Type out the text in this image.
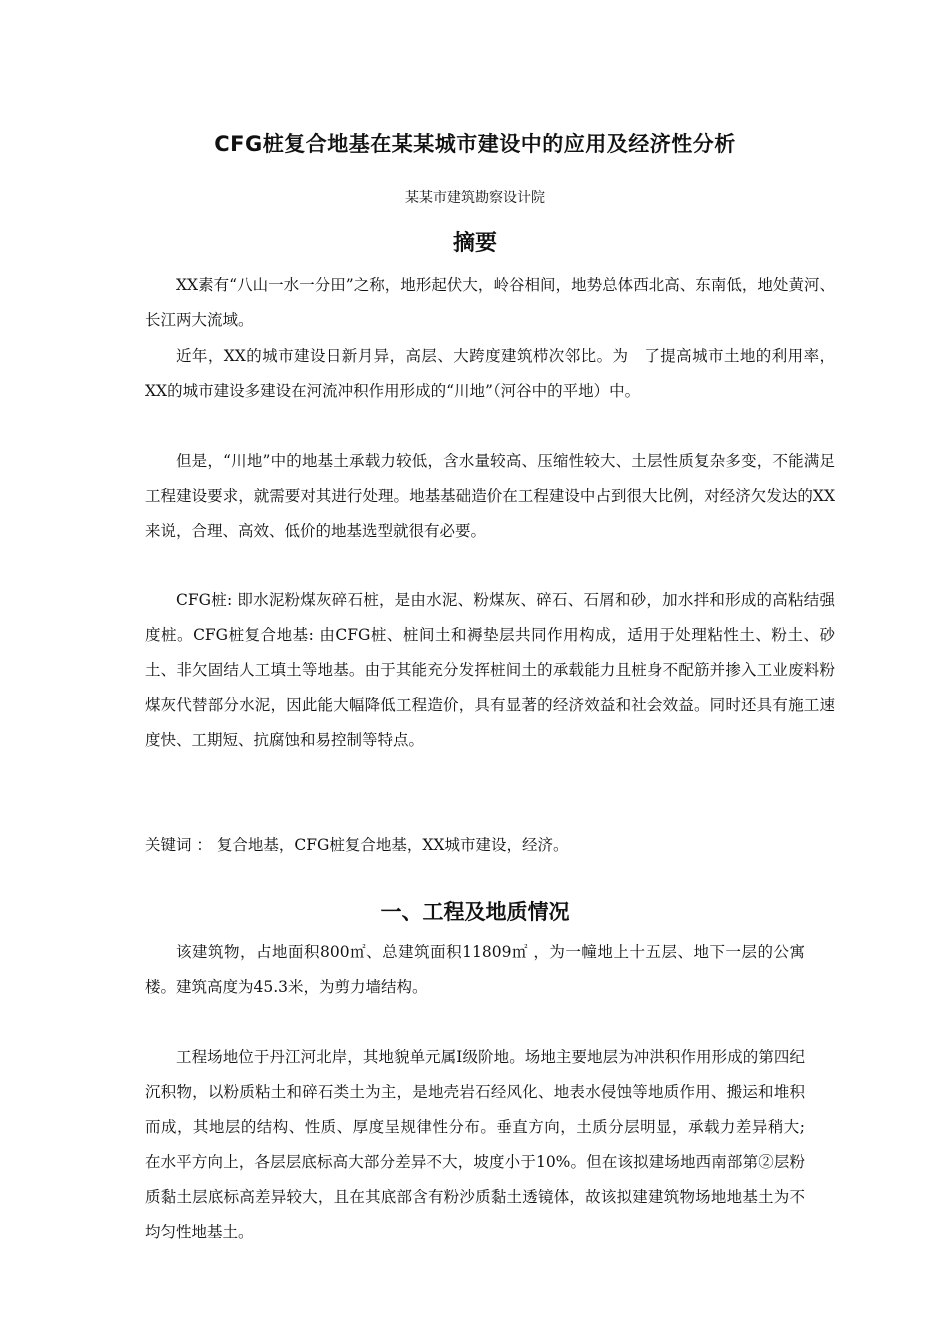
CFG桩复合地基在某某城市建设中的应用及经济性分析

某某市建筑勘察设计院

摘要

XX素有“八山一水一分田”之称，地形起伏大，岭谷相间，地势总体西北高、东南低，地处黄河、长江两大流域。

近年，XX的城市建设日新月异，高层、大跨度建筑栉次邻比。为　了提高城市土地的利用率，XX的城市建设多建设在河流冲积作用形成的“川地”（河谷中的平地）中。

但是，“川地”中的地基土承载力较低，含水量较高、压缩性较大、土层性质复杂多变，不能满足工程建设要求，就需要对其进行处理。地基基础造价在工程建设中占到很大比例，对经济欠发达的XX来说，合理、高效、低价的地基选型就很有必要。

CFG桩: 即水泥粉煤灰碎石桩，是由水泥、粉煤灰、碎石、石屑和砂，加水拌和形成的高粘结强度桩。CFG桩复合地基: 由CFG桩、桩间土和褥垫层共同作用构成，适用于处理粘性土、粉土、砂土、非欠固结人工填土等地基。由于其能充分发挥桩间土的承载能力且桩身不配筋并掺入工业废料粉煤灰代替部分水泥，因此能大幅降低工程造价，具有显著的经济效益和社会效益。同时还具有施工速度快、工期短、抗腐蚀和易控制等特点。

关键词 ： 复合地基，CFG桩复合地基，XX城市建设，经济。

一、工程及地质情况

该建筑物，占地面积800㎡、总建筑面积11809㎡ ，为一幢地上十五层、地下一层的公寓楼。建筑高度为45.3米，为剪力墙结构。

工程场地位于丹江河北岸，其地貌单元属Ⅰ级阶地。场地主要地层为冲洪积作用形成的第四纪沉积物，以粉质粘土和碎石类土为主，是地壳岩石经风化、地表水侵蚀等地质作用、搬运和堆积而成，其地层的结构、性质、厚度呈规律性分布。垂直方向，土质分层明显，承载力差异稍大; 在水平方向上，各层层底标高大部分差异不大，坡度小于10%。但在该拟建场地西南部第②层粉质黏土层底标高差异较大，且在其底部含有粉沙质黏土透镜体，故该拟建建筑物场地地基土为不均匀性地基土。
